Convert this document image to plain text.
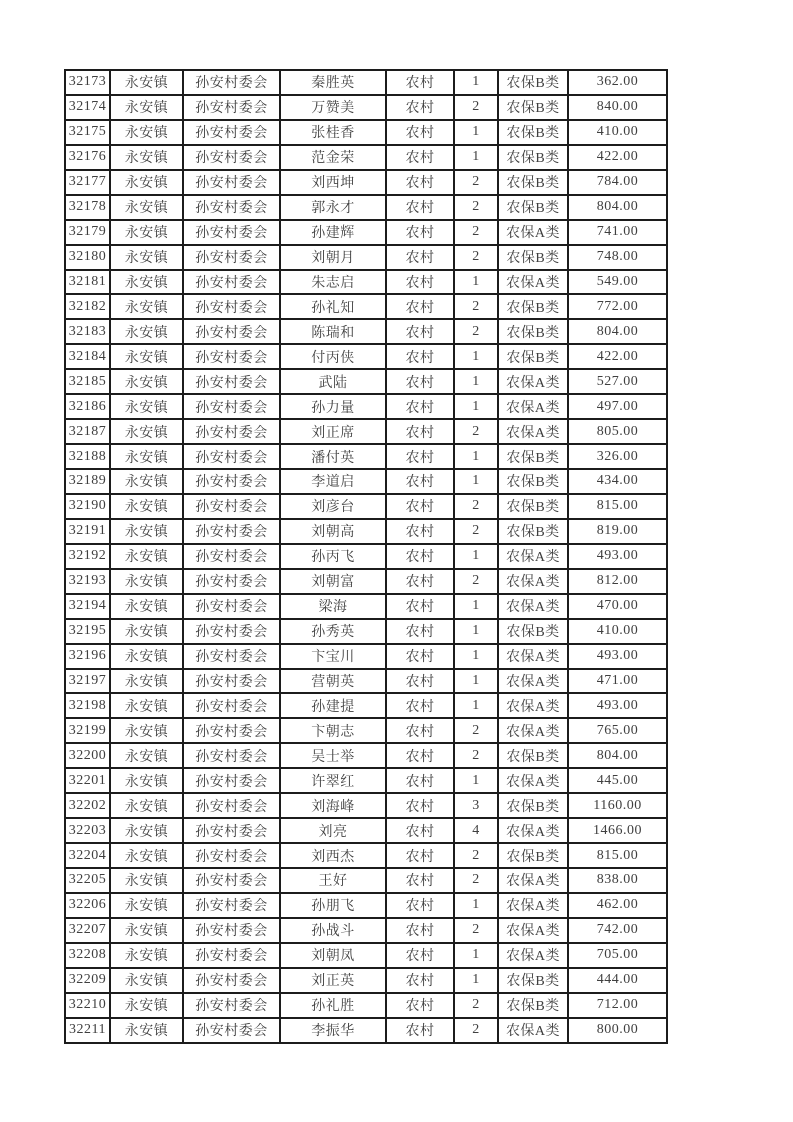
32173	永安镇	孙安村委会	秦胜英	农村	1	农保B类	362.00
32174	永安镇	孙安村委会	万赞美	农村	2	农保B类	840.00
32175	永安镇	孙安村委会	张桂香	农村	1	农保B类	410.00
32176	永安镇	孙安村委会	范金荣	农村	1	农保B类	422.00
32177	永安镇	孙安村委会	刘西坤	农村	2	农保B类	784.00
32178	永安镇	孙安村委会	郭永才	农村	2	农保B类	804.00
32179	永安镇	孙安村委会	孙建辉	农村	2	农保A类	741.00
32180	永安镇	孙安村委会	刘朝月	农村	2	农保B类	748.00
32181	永安镇	孙安村委会	朱志启	农村	1	农保A类	549.00
32182	永安镇	孙安村委会	孙礼知	农村	2	农保B类	772.00
32183	永安镇	孙安村委会	陈瑞和	农村	2	农保B类	804.00
32184	永安镇	孙安村委会	付丙侠	农村	1	农保B类	422.00
32185	永安镇	孙安村委会	武陆	农村	1	农保A类	527.00
32186	永安镇	孙安村委会	孙力量	农村	1	农保A类	497.00
32187	永安镇	孙安村委会	刘正席	农村	2	农保A类	805.00
32188	永安镇	孙安村委会	潘付英	农村	1	农保B类	326.00
32189	永安镇	孙安村委会	李道启	农村	1	农保B类	434.00
32190	永安镇	孙安村委会	刘彦台	农村	2	农保B类	815.00
32191	永安镇	孙安村委会	刘朝高	农村	2	农保B类	819.00
32192	永安镇	孙安村委会	孙丙飞	农村	1	农保A类	493.00
32193	永安镇	孙安村委会	刘朝富	农村	2	农保A类	812.00
32194	永安镇	孙安村委会	梁海	农村	1	农保A类	470.00
32195	永安镇	孙安村委会	孙秀英	农村	1	农保B类	410.00
32196	永安镇	孙安村委会	卞宝川	农村	1	农保A类	493.00
32197	永安镇	孙安村委会	营朝英	农村	1	农保A类	471.00
32198	永安镇	孙安村委会	孙建提	农村	1	农保A类	493.00
32199	永安镇	孙安村委会	卞朝志	农村	2	农保A类	765.00
32200	永安镇	孙安村委会	吴士举	农村	2	农保B类	804.00
32201	永安镇	孙安村委会	许翠红	农村	1	农保A类	445.00
32202	永安镇	孙安村委会	刘海峰	农村	3	农保B类	1160.00
32203	永安镇	孙安村委会	刘亮	农村	4	农保A类	1466.00
32204	永安镇	孙安村委会	刘西杰	农村	2	农保B类	815.00
32205	永安镇	孙安村委会	王好	农村	2	农保A类	838.00
32206	永安镇	孙安村委会	孙朋飞	农村	1	农保A类	462.00
32207	永安镇	孙安村委会	孙战斗	农村	2	农保A类	742.00
32208	永安镇	孙安村委会	刘朝凤	农村	1	农保A类	705.00
32209	永安镇	孙安村委会	刘正英	农村	1	农保B类	444.00
32210	永安镇	孙安村委会	孙礼胜	农村	2	农保B类	712.00
32211	永安镇	孙安村委会	李振华	农村	2	农保A类	800.00
